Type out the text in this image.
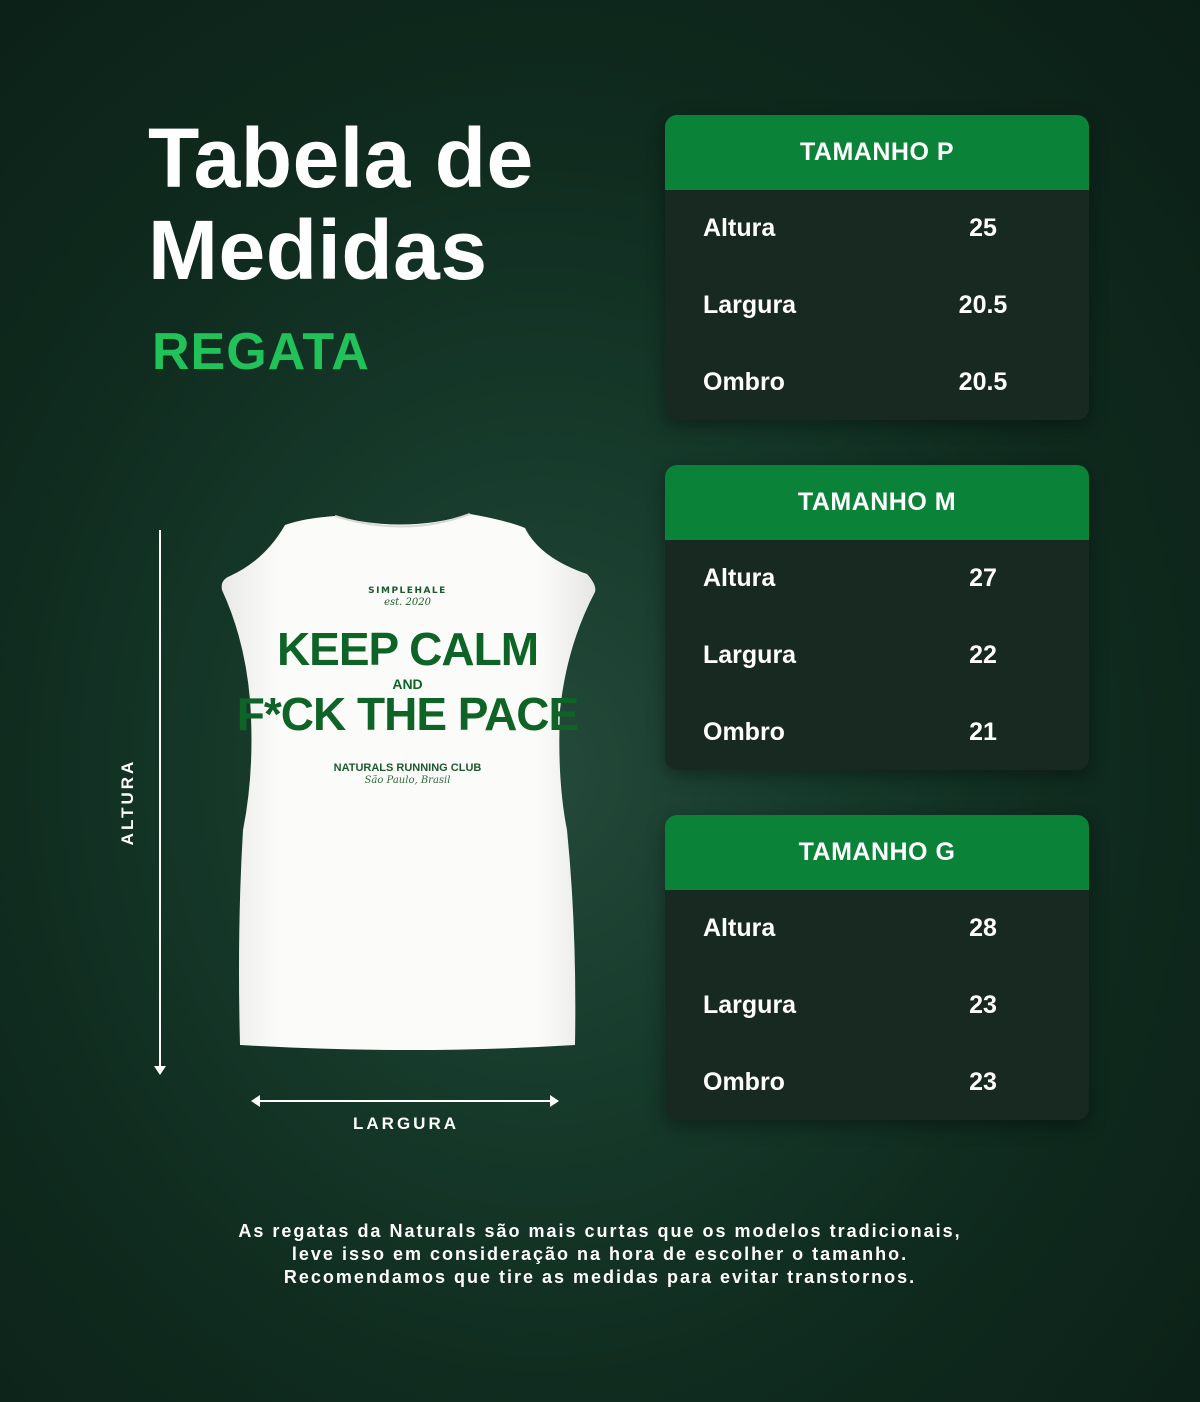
Tabela de
Medidas
REGATA
TAMANHO P
Altura	25
Largura	20.5
Ombro	20.5
TAMANHO M
Altura	27
Largura	22
Ombro	21
TAMANHO G
Altura	28
Largura	23
Ombro	23
ALTURA
LARGURA
SIMPLEHALE
est. 2020
KEEP CALM
AND
F*CK THE PACE
NATURALS RUNNING CLUB
São Paulo, Brasil
As regatas da Naturals são mais curtas que os modelos tradicionais,
leve isso em consideração na hora de escolher o tamanho.
Recomendamos que tire as medidas para evitar transtornos.
